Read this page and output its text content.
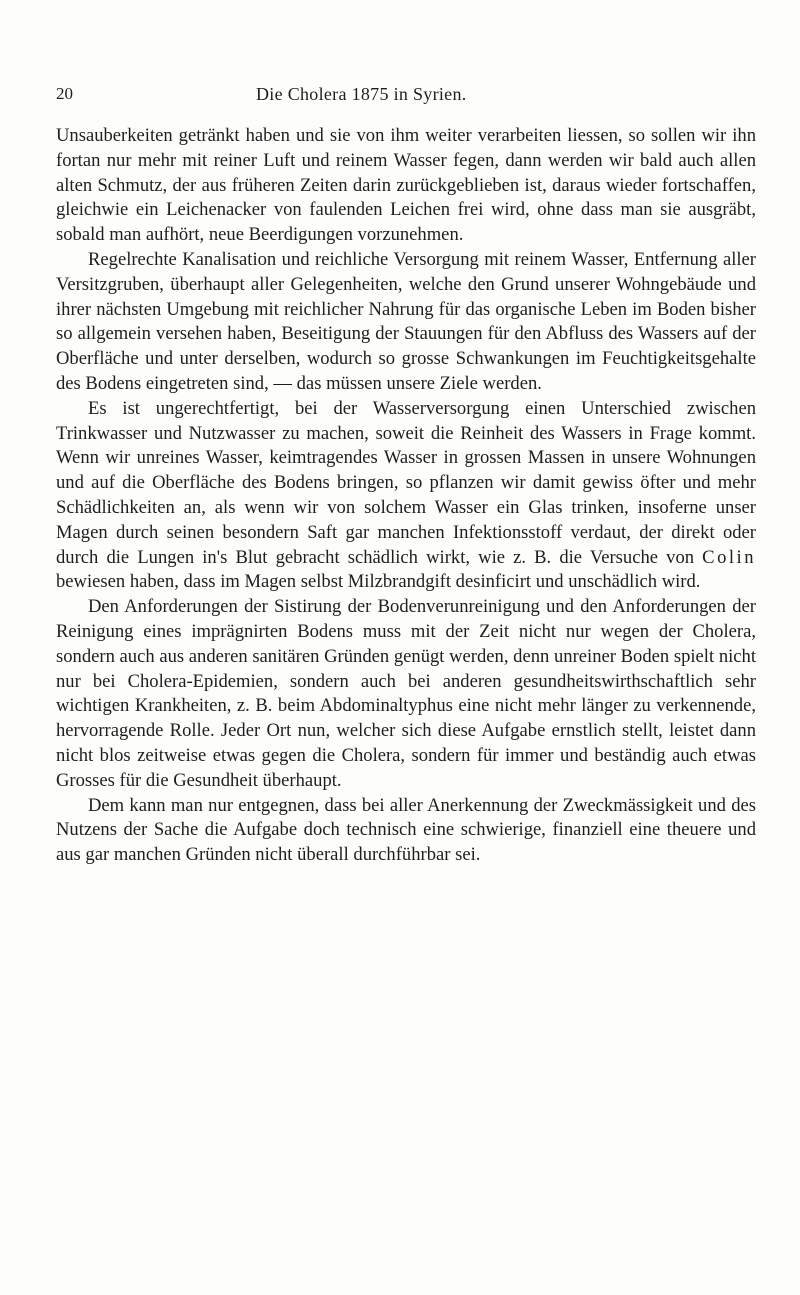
20	Die Cholera 1875 in Syrien.

Unsauberkeiten getränkt haben und sie von ihm weiter verarbeiten liessen, so sollen wir ihn fortan nur mehr mit reiner Luft und reinem Wasser fegen, dann werden wir bald auch allen alten Schmutz, der aus früheren Zeiten darin zurückgeblieben ist, daraus wieder fortschaffen, gleichwie ein Leichenacker von faulenden Leichen frei wird, ohne dass man sie ausgräbt, sobald man aufhört, neue Beerdigungen vorzunehmen.

Regelrechte Kanalisation und reichliche Versorgung mit reinem Wasser, Entfernung aller Versitzgruben, überhaupt aller Gelegenheiten, welche den Grund unserer Wohngebäude und ihrer nächsten Umgebung mit reichlicher Nahrung für das organische Leben im Boden bisher so allgemein versehen haben, Beseitigung der Stauungen für den Abfluss des Wassers auf der Oberfläche und unter derselben, wodurch so grosse Schwankungen im Feuchtigkeitsgehalte des Bodens eingetreten sind, — das müssen unsere Ziele werden.

Es ist ungerechtfertigt, bei der Wasserversorgung einen Unterschied zwischen Trinkwasser und Nutzwasser zu machen, soweit die Reinheit des Wassers in Frage kommt. Wenn wir unreines Wasser, keimtragendes Wasser in grossen Massen in unsere Wohnungen und auf die Oberfläche des Bodens bringen, so pflanzen wir damit gewiss öfter und mehr Schädlichkeiten an, als wenn wir von solchem Wasser ein Glas trinken, insoferne unser Magen durch seinen besondern Saft gar manchen Infektionsstoff verdaut, der direkt oder durch die Lungen in's Blut gebracht schädlich wirkt, wie z. B. die Versuche von Colin bewiesen haben, dass im Magen selbst Milzbrandgift desinficirt und unschädlich wird.

Den Anforderungen der Sistirung der Bodenverunreinigung und den Anforderungen der Reinigung eines imprägnirten Bodens muss mit der Zeit nicht nur wegen der Cholera, sondern auch aus anderen sanitären Gründen genügt werden, denn unreiner Boden spielt nicht nur bei Cholera-Epidemien, sondern auch bei anderen gesundheitswirthschaftlich sehr wichtigen Krankheiten, z. B. beim Abdominaltyphus eine nicht mehr länger zu verkennende, hervorragende Rolle. Jeder Ort nun, welcher sich diese Aufgabe ernstlich stellt, leistet dann nicht blos zeitweise etwas gegen die Cholera, sondern für immer und beständig auch etwas Grosses für die Gesundheit überhaupt.

Dem kann man nur entgegnen, dass bei aller Anerkennung der Zweckmässigkeit und des Nutzens der Sache die Aufgabe doch technisch eine schwierige, finanziell eine theuere und aus gar manchen Gründen nicht überall durchführbar sei.
